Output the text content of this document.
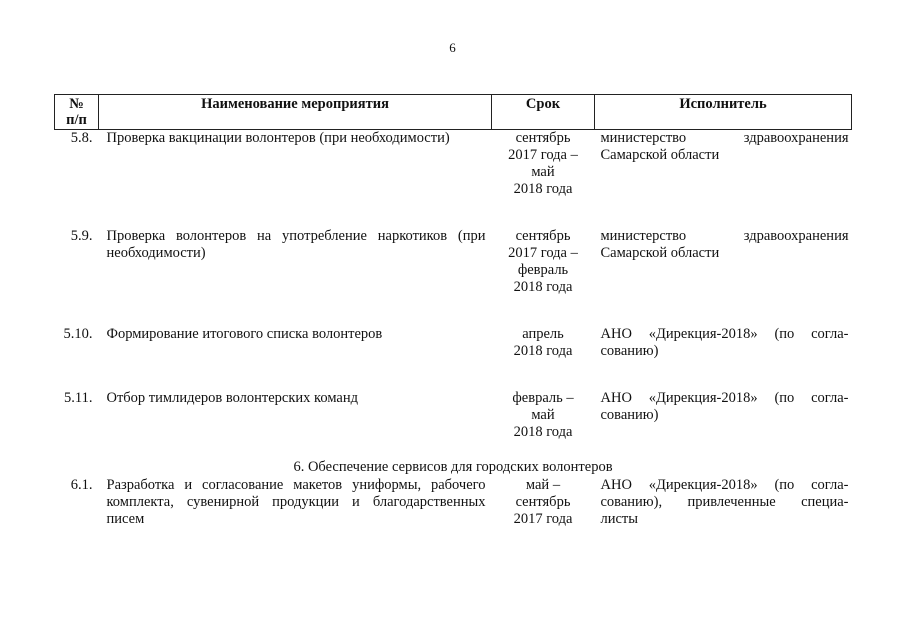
6
№
п/п	Наименование мероприятия	Срок	Исполнитель
5.8.	Проверка вакцинации волонтеров (при необходимости)	сентябрь
2017 года –
май
2018 года	министерство здравоохранения
Самарской области

5.9.	Проверка волонтеров на употребление наркотиков (при необходимости)	сентябрь
2017 года –
февраль
2018 года	министерство здравоохранения
Самарской области

5.10.	Формирование итогового списка волонтеров	апрель
2018 года	АНО «Дирекция-2018» (по согла-
сованию)

5.11.	Отбор тимлидеров волонтерских команд	февраль –
май
2018 года	АНО «Дирекция-2018» (по согла-
сованию)

6. Обеспечение сервисов для городских волонтеров			
6.1.	Разработка и согласование макетов униформы, рабочего комплекта, сувенирной продукции и благодарственных писем	май –
сентябрь
2017 года	АНО «Дирекция-2018» (по согла-
сованию), привлеченные специа-
листы
